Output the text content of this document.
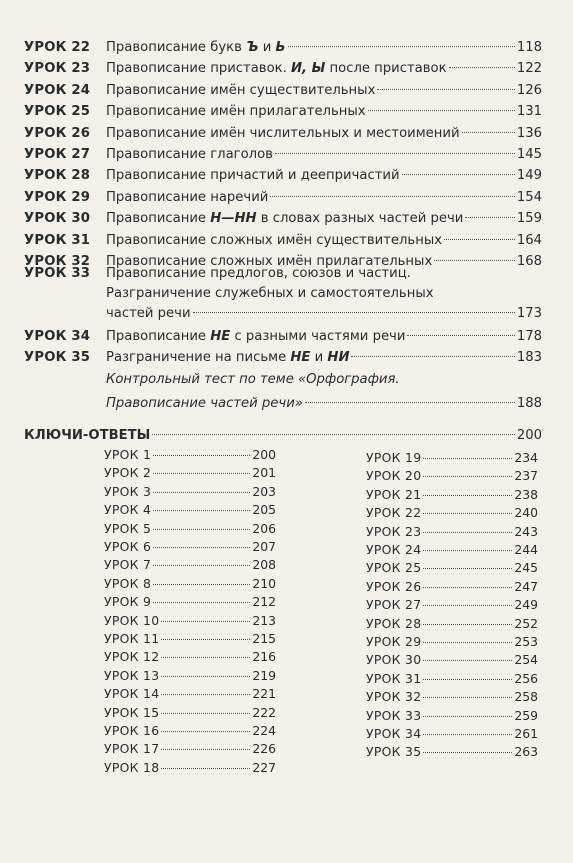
УРОК 22 Правописание букв Ъ и Ь	118
УРОК 23 Правописание приставок. И, Ы после приставок	122
УРОК 24 Правописание имён существительных	126
УРОК 25 Правописание имён прилагательных	131
УРОК 26 Правописание имён числительных и местоимений	136
УРОК 27 Правописание глаголов	145
УРОК 28 Правописание причастий и деепричастий	149
УРОК 29 Правописание наречий	154
УРОК 30 Правописание Н—НН в словах разных частей речи	159
УРОК 31 Правописание сложных имён существительных	164
УРОК 32 Правописание сложных имён прилагательных	168
УРОК 33 Правописание предлогов, союзов и частиц.
Разграничение служебных и самостоятельных
частей речи	173
УРОК 34 Правописание НЕ с разными частями речи	178
УРОК 35 Разграничение на письме НЕ и НИ	183
Контрольный тест по теме «Орфография.
Правописание частей речи»	188
КЛЮЧИ-ОТВЕТЫ	200
УРОК 1	200
УРОК 2	201
УРОК 3	203
УРОК 4	205
УРОК 5	206
УРОК 6	207
УРОК 7	208
УРОК 8	210
УРОК 9	212
УРОК 10	213
УРОК 11	215
УРОК 12	216
УРОК 13	219
УРОК 14	221
УРОК 15	222
УРОК 16	224
УРОК 17	226
УРОК 18	227
УРОК 19	234
УРОК 20	237
УРОК 21	238
УРОК 22	240
УРОК 23	243
УРОК 24	244
УРОК 25	245
УРОК 26	247
УРОК 27	249
УРОК 28	252
УРОК 29	253
УРОК 30	254
УРОК 31	256
УРОК 32	258
УРОК 33	259
УРОК 34	261
УРОК 35	263
